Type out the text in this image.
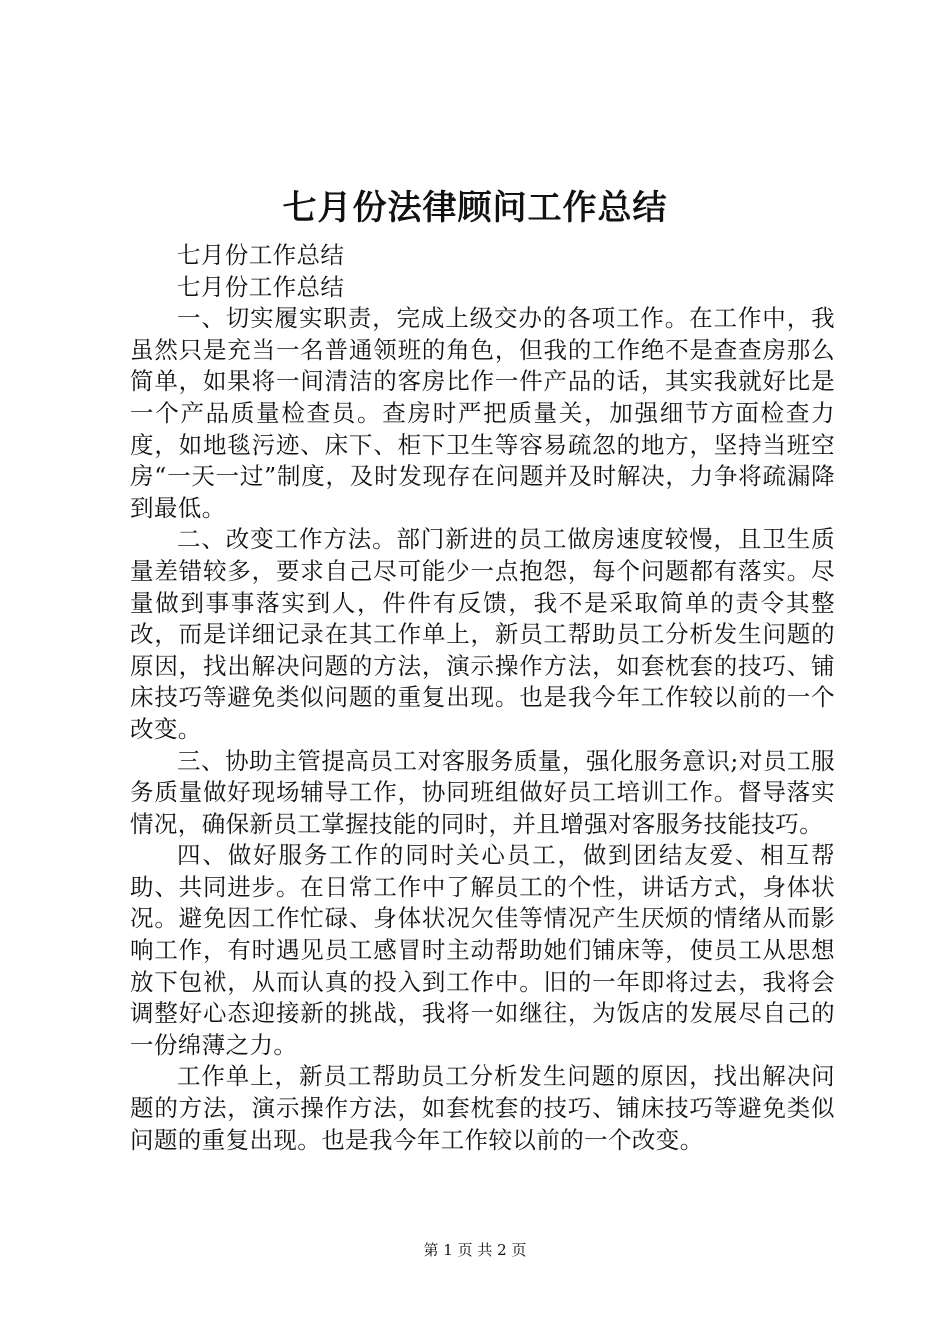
七月份法律顾问工作总结

七月份工作总结

七月份工作总结

一、切实履实职责，完成上级交办的各项工作。在工作中，我虽然只是充当一名普通领班的角色，但我的工作绝不是查查房那么简单，如果将一间清洁的客房比作一件产品的话，其实我就好比是一个产品质量检查员。查房时严把质量关，加强细节方面检查力度，如地毯污迹、床下、柜下卫生等容易疏忽的地方，坚持当班空房“一天一过”制度，及时发现存在问题并及时解决，力争将疏漏降到最低。

二、改变工作方法。部门新进的员工做房速度较慢，且卫生质量差错较多，要求自己尽可能少一点抱怨，每个问题都有落实。尽量做到事事落实到人，件件有反馈，我不是采取简单的责令其整改，而是详细记录在其工作单上，新员工帮助员工分析发生问题的原因，找出解决问题的方法，演示操作方法，如套枕套的技巧、铺床技巧等避免类似问题的重复出现。也是我今年工作较以前的一个改变。

三、协助主管提高员工对客服务质量，强化服务意识;对员工服务质量做好现场辅导工作，协同班组做好员工培训工作。督导落实情况，确保新员工掌握技能的同时，并且增强对客服务技能技巧。

四、做好服务工作的同时关心员工，做到团结友爱、相互帮助、共同进步。在日常工作中了解员工的个性，讲话方式，身体状况。避免因工作忙碌、身体状况欠佳等情况产生厌烦的情绪从而影响工作，有时遇见员工感冒时主动帮助她们铺床等，使员工从思想放下包袱，从而认真的投入到工作中。旧的一年即将过去，我将会调整好心态迎接新的挑战，我将一如继往，为饭店的发展尽自己的一份绵薄之力。

工作单上，新员工帮助员工分析发生问题的原因，找出解决问题的方法，演示操作方法，如套枕套的技巧、铺床技巧等避免类似问题的重复出现。也是我今年工作较以前的一个改变。

第 1 页 共 2 页
